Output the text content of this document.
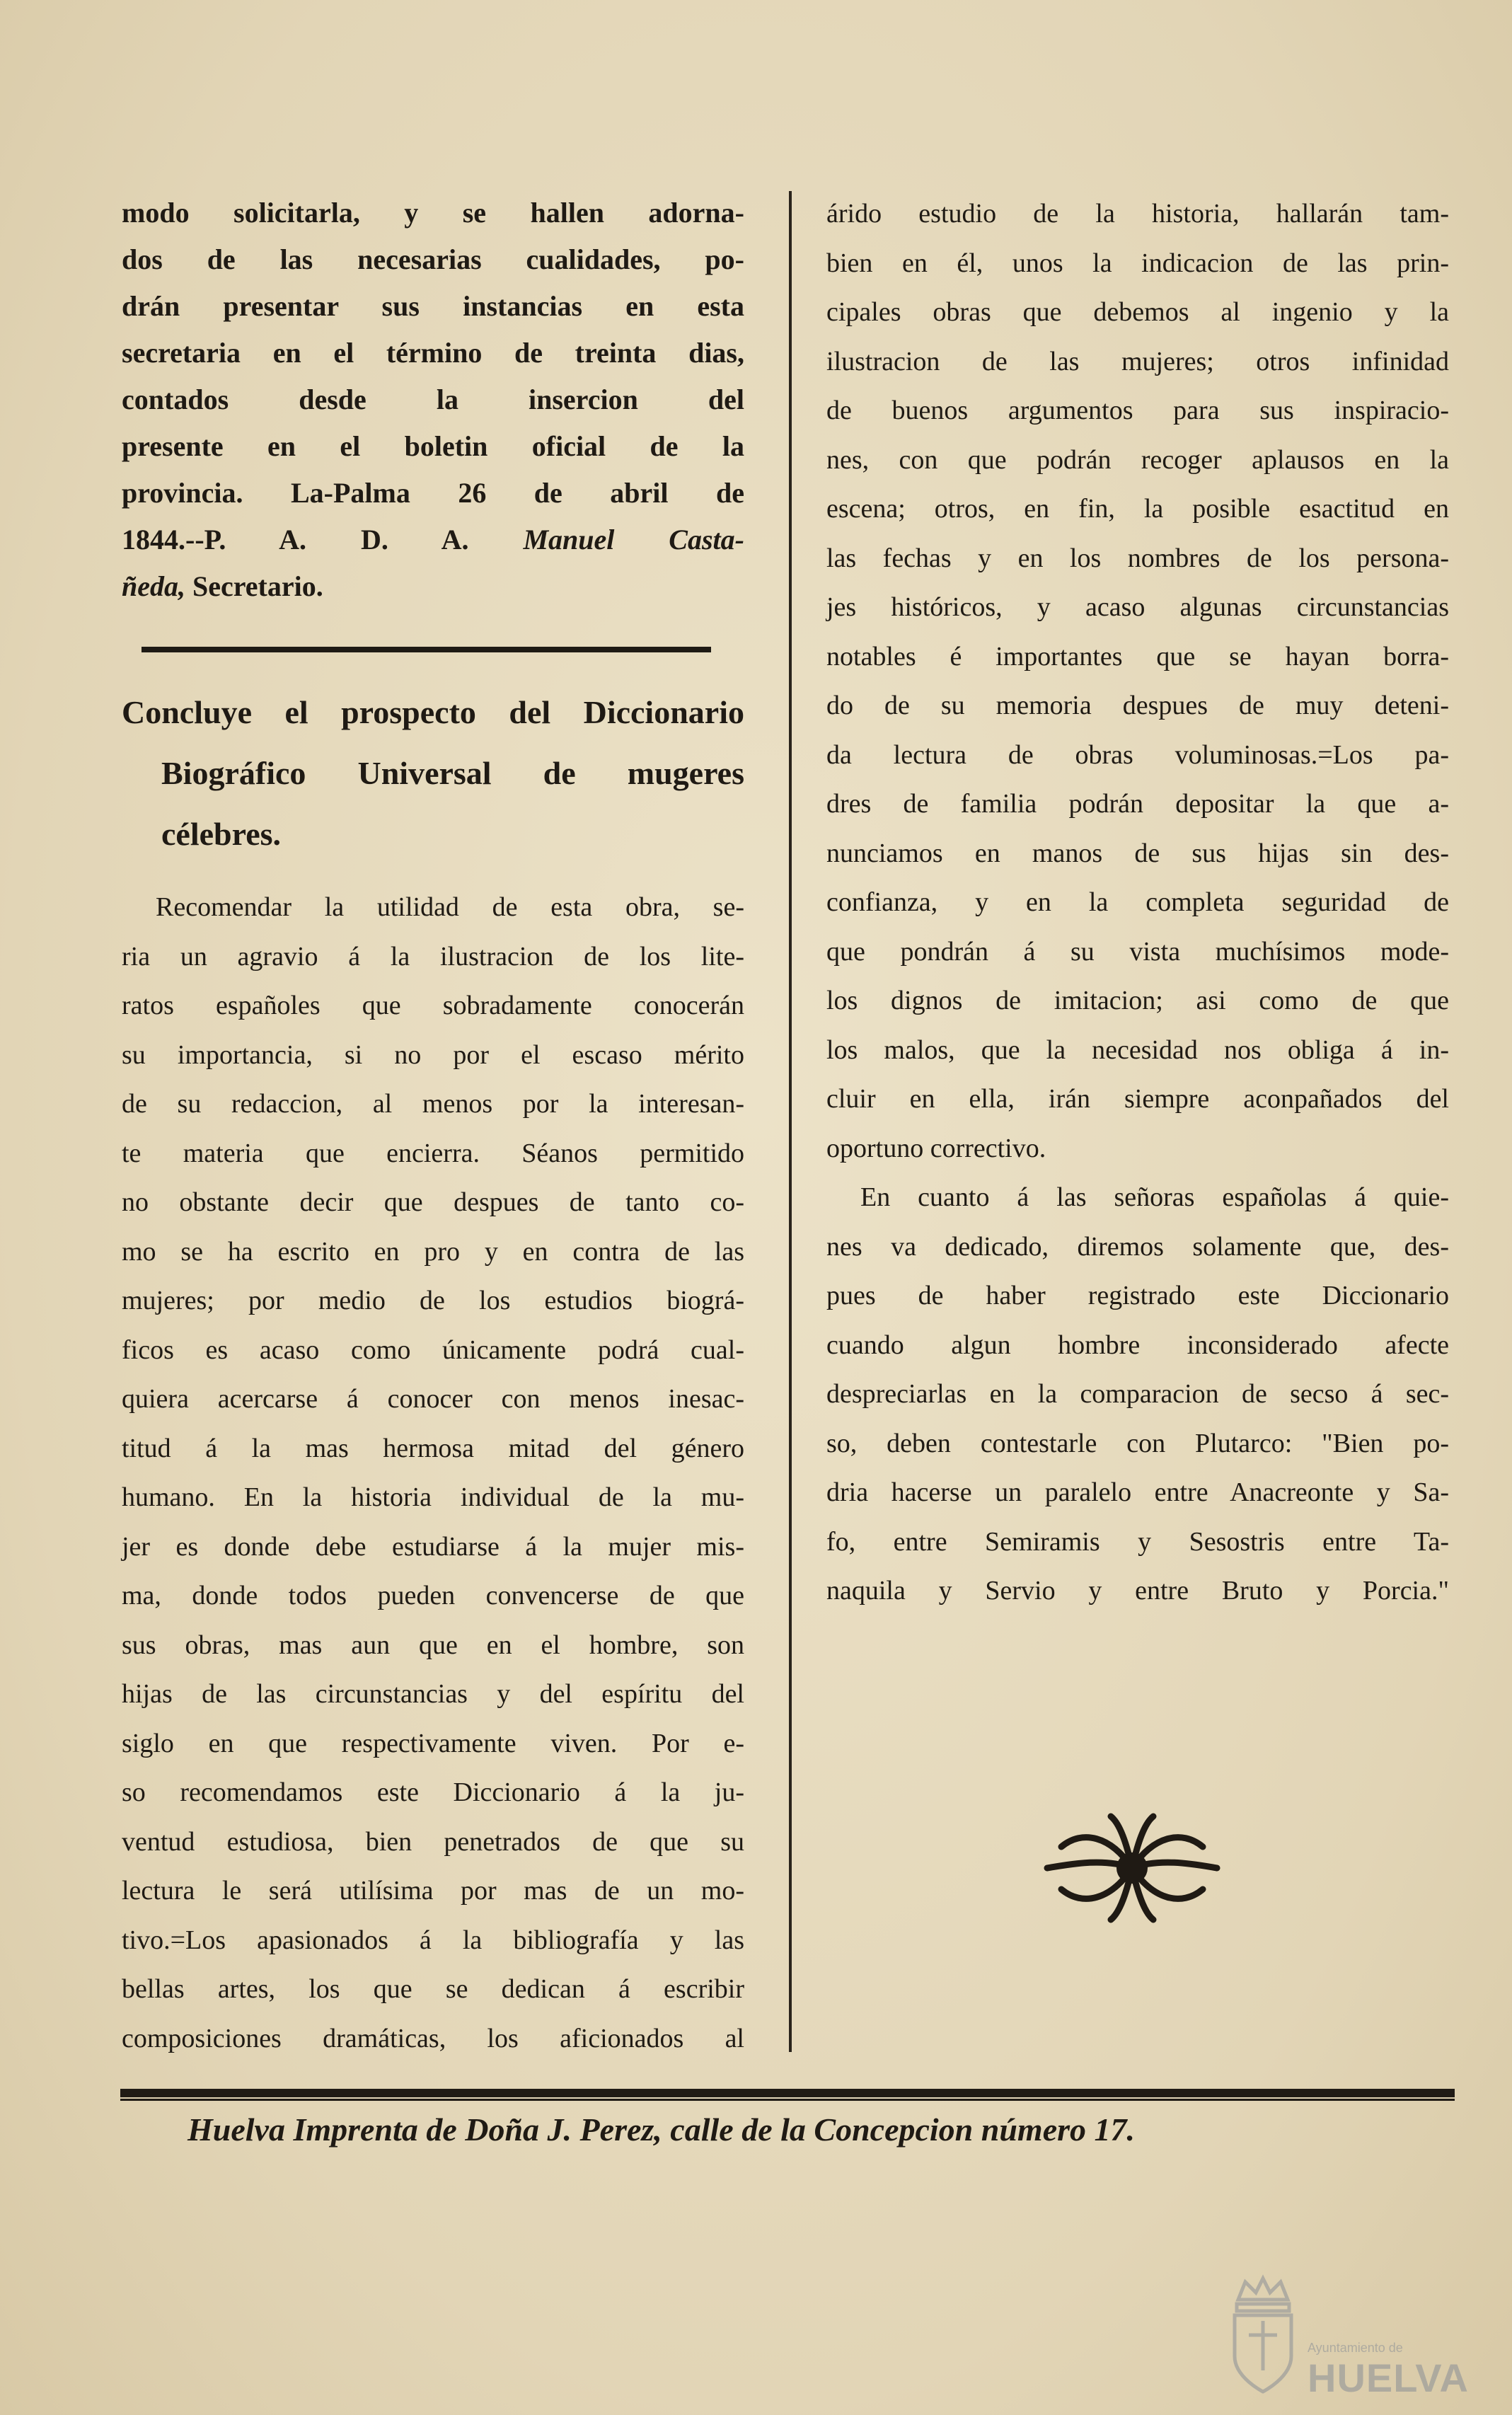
modo solicitarla, y se hallen adorna-

dos de las necesarias cualidades, po-

drán presentar sus instancias en esta

secretaria en el término de treinta dias,

contados desde la insercion del

presente en el boletin oficial de la

provincia. La-Palma 26 de abril de

1844.--P. A. D. A. Manuel Casta-

ñeda, Secretario.

Concluye el prospecto del Diccionario
Biográfico Universal de mugeres
célebres.

Recomendar la utilidad de esta obra, se-

ria un agravio á la ilustracion de los lite-

ratos españoles que sobradamente conocerán

su importancia, si no por el escaso mérito

de su redaccion, al menos por la interesan-

te materia que encierra. Séanos permitido

no obstante decir que despues de tanto co-

mo se ha escrito en pro y en contra de las

mujeres; por medio de los estudios biográ-

ficos es acaso como únicamente podrá cual-

quiera acercarse á conocer con menos inesac-

titud á la mas hermosa mitad del género

humano. En la historia individual de la mu-

jer es donde debe estudiarse á la mujer mis-

ma, donde todos pueden convencerse de que

sus obras, mas aun que en el hombre, son

hijas de las circunstancias y del espíritu del

siglo en que respectivamente viven. Por e-

so recomendamos este Diccionario á la ju-

ventud estudiosa, bien penetrados de que su

lectura le será utilísima por mas de un mo-

tivo.=Los apasionados á la bibliografía y las

bellas artes, los que se dedican á escribir

composiciones dramáticas, los aficionados al

árido estudio de la historia, hallarán tam-

bien en él, unos la indicacion de las prin-

cipales obras que debemos al ingenio y la

ilustracion de las mujeres; otros infinidad

de buenos argumentos para sus inspiracio-

nes, con que podrán recoger aplausos en la

escena; otros, en fin, la posible esactitud en

las fechas y en los nombres de los persona-

jes históricos, y acaso algunas circunstancias

notables é importantes que se hayan borra-

do de su memoria despues de muy deteni-

da lectura de obras voluminosas.=Los pa-

dres de familia podrán depositar la que a-

nunciamos en manos de sus hijas sin des-

confianza, y en la completa seguridad de

que pondrán á su vista muchísimos mode-

los dignos de imitacion; asi como de que

los malos, que la necesidad nos obliga á in-

cluir en ella, irán siempre aconpañados del

oportuno correctivo.

En cuanto á las señoras españolas á quie-

nes va dedicado, diremos solamente que, des-

pues de haber registrado este Diccionario

cuando algun hombre inconsiderado afecte

despreciarlas en la comparacion de secso á sec-

so, deben contestarle con Plutarco: "Bien po-

dria hacerse un paralelo entre Anacreonte y Sa-

fo, entre Semiramis y Sesostris entre Ta-

naquila y Servio y entre Bruto y Porcia."

Huelva Imprenta de Doña J. Perez, calle de la Concepcion número 17.
Ayuntamiento de
HUELVA
